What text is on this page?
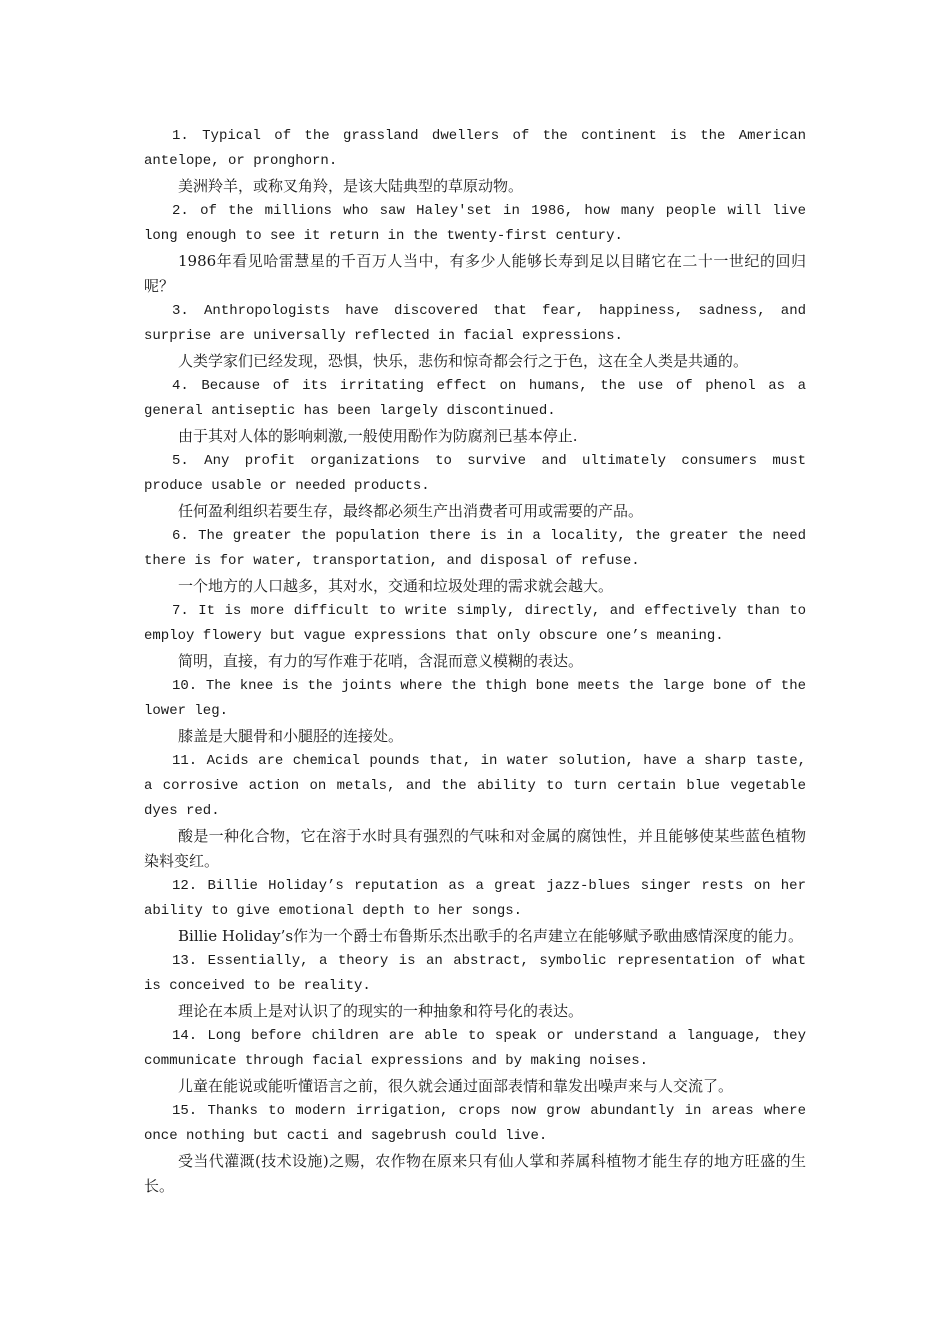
1. Typical of the grassland dwellers of the continent is the American antelope, or pronghorn.

美洲羚羊，或称叉角羚，是该大陆典型的草原动物。

2. of the millions who saw Haley'set in 1986, how many people will live long enough to see it return in the twenty-first century.

1986年看见哈雷慧星的千百万人当中，有多少人能够长寿到足以目睹它在二十一世纪的回归呢？

3. Anthropologists have discovered that fear, happiness, sadness, and surprise are universally reflected in facial expressions.

人类学家们已经发现，恐惧，快乐，悲伤和惊奇都会行之于色，这在全人类是共通的。

4. Because of its irritating effect on humans, the use of phenol as a general antiseptic has been largely discontinued.

由于其对人体的影响刺激,一般使用酚作为防腐剂已基本停止.

5. Any profit organizations to survive and ultimately consumers must produce usable or needed products.

任何盈利组织若要生存，最终都必须生产出消费者可用或需要的产品。

6. The greater the population there is in a locality, the greater the need there is for water, transportation, and disposal of refuse.

一个地方的人口越多，其对水，交通和垃圾处理的需求就会越大。

7. It is more difficult to write simply, directly, and effectively than to employ flowery but vague expressions that only obscure one’s meaning.

简明，直接，有力的写作难于花哨，含混而意义模糊的表达。

10. The knee is the joints where the thigh bone meets the large bone of the lower leg.

膝盖是大腿骨和小腿胫的连接处。

11. Acids are chemical pounds that, in water solution, have a sharp taste, a corrosive action on metals, and the ability to turn certain blue vegetable dyes red.

酸是一种化合物，它在溶于水时具有强烈的气味和对金属的腐蚀性，并且能够使某些蓝色植物染料变红。

12. Billie Holiday’s reputation as a great jazz-blues singer rests on her ability to give emotional depth to her songs.

Billie Holiday’s作为一个爵士布鲁斯乐杰出歌手的名声建立在能够赋予歌曲感情深度的能力。

13. Essentially, a theory is an abstract, symbolic representation of what is conceived to be reality.

理论在本质上是对认识了的现实的一种抽象和符号化的表达。

14. Long before children are able to speak or understand a language, they communicate through facial expressions and by making noises.

儿童在能说或能听懂语言之前，很久就会通过面部表情和靠发出噪声来与人交流了。

15. Thanks to modern irrigation, crops now grow abundantly in areas where once nothing but cacti and sagebrush could live.

受当代灌溉(技术设施)之赐，农作物在原来只有仙人掌和荞属科植物才能生存的地方旺盛的生长。
